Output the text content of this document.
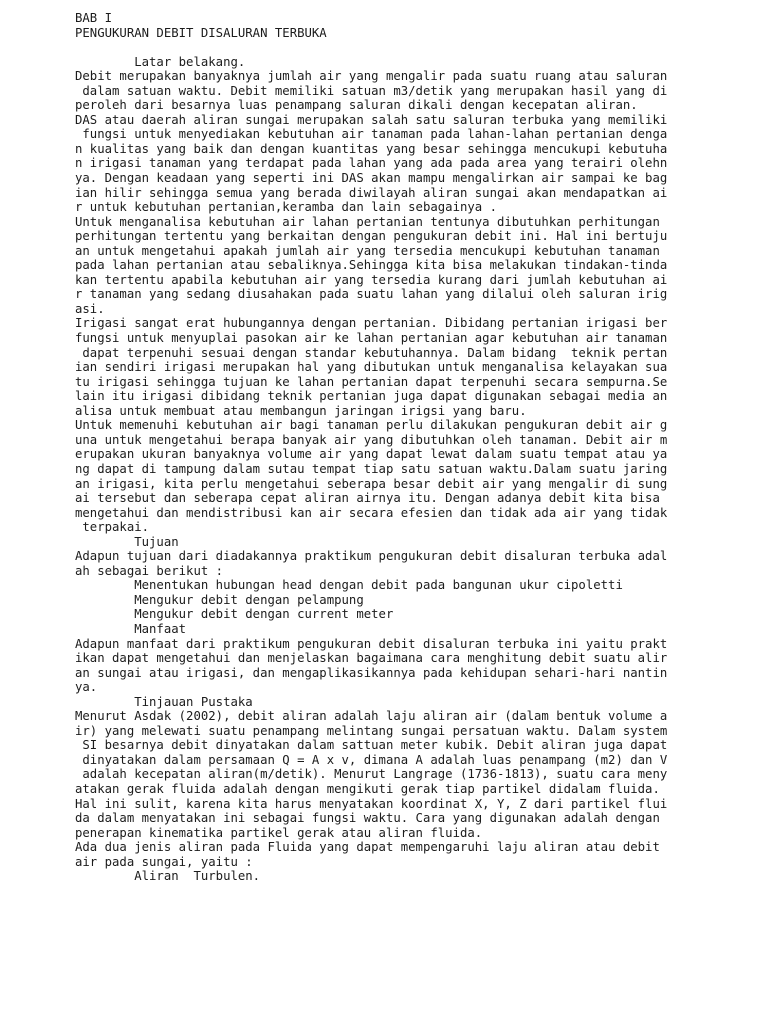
BAB I
PENGUKURAN DEBIT DISALURAN TERBUKA
Latar belakang.
Debit merupakan banyaknya jumlah air yang mengalir pada suatu ruang atau saluran
dalam satuan waktu. Debit memiliki satuan m3/detik yang merupakan hasil yang di
peroleh dari besarnya luas penampang saluran dikali dengan kecepatan aliran.
DAS atau daerah aliran sungai merupakan salah satu saluran terbuka yang memiliki
fungsi untuk menyediakan kebutuhan air tanaman pada lahan-lahan pertanian denga
n kualitas yang baik dan dengan kuantitas yang besar sehingga mencukupi kebutuha
n irigasi tanaman yang terdapat pada lahan yang ada pada area yang terairi olehn
ya. Dengan keadaan yang seperti ini DAS akan mampu mengalirkan air sampai ke bag
ian hilir sehingga semua yang berada diwilayah aliran sungai akan mendapatkan ai
r untuk kebutuhan pertanian,keramba dan lain sebagainya .
Untuk menganalisa kebutuhan air lahan pertanian tentunya dibutuhkan perhitungan
perhitungan tertentu yang berkaitan dengan pengukuran debit ini. Hal ini bertuju
an untuk mengetahui apakah jumlah air yang tersedia mencukupi kebutuhan tanaman
pada lahan pertanian atau sebaliknya.Sehingga kita bisa melakukan tindakan-tinda
kan tertentu apabila kebutuhan air yang tersedia kurang dari jumlah kebutuhan ai
r tanaman yang sedang diusahakan pada suatu lahan yang dilalui oleh saluran irig
asi.
Irigasi sangat erat hubungannya dengan pertanian. Dibidang pertanian irigasi ber
fungsi untuk menyuplai pasokan air ke lahan pertanian agar kebutuhan air tanaman
dapat terpenuhi sesuai dengan standar kebutuhannya. Dalam bidang  teknik pertan
ian sendiri irigasi merupakan hal yang dibutukan untuk menganalisa kelayakan sua
tu irigasi sehingga tujuan ke lahan pertanian dapat terpenuhi secara sempurna.Se
lain itu irigasi dibidang teknik pertanian juga dapat digunakan sebagai media an
alisa untuk membuat atau membangun jaringan irigsi yang baru.
Untuk memenuhi kebutuhan air bagi tanaman perlu dilakukan pengukuran debit air g
una untuk mengetahui berapa banyak air yang dibutuhkan oleh tanaman. Debit air m
erupakan ukuran banyaknya volume air yang dapat lewat dalam suatu tempat atau ya
ng dapat di tampung dalam sutau tempat tiap satu satuan waktu.Dalam suatu jaring
an irigasi, kita perlu mengetahui seberapa besar debit air yang mengalir di sung
ai tersebut dan seberapa cepat aliran airnya itu. Dengan adanya debit kita bisa
mengetahui dan mendistribusi kan air secara efesien dan tidak ada air yang tidak
terpakai.
Tujuan
Adapun tujuan dari diadakannya praktikum pengukuran debit disaluran terbuka adal
ah sebagai berikut :
Menentukan hubungan head dengan debit pada bangunan ukur cipoletti
Mengukur debit dengan pelampung
Mengukur debit dengan current meter
Manfaat
Adapun manfaat dari praktikum pengukuran debit disaluran terbuka ini yaitu prakt
ikan dapat mengetahui dan menjelaskan bagaimana cara menghitung debit suatu alir
an sungai atau irigasi, dan mengaplikasikannya pada kehidupan sehari-hari nantin
ya.
Tinjauan Pustaka
Menurut Asdak (2002), debit aliran adalah laju aliran air (dalam bentuk volume a
ir) yang melewati suatu penampang melintang sungai persatuan waktu. Dalam system
SI besarnya debit dinyatakan dalam sattuan meter kubik. Debit aliran juga dapat
dinyatakan dalam persamaan Q = A x v, dimana A adalah luas penampang (m2) dan V
adalah kecepatan aliran(m/detik). Menurut Langrage (1736-1813), suatu cara meny
atakan gerak fluida adalah dengan mengikuti gerak tiap partikel didalam fluida.
Hal ini sulit, karena kita harus menyatakan koordinat X, Y, Z dari partikel flui
da dalam menyatakan ini sebagai fungsi waktu. Cara yang digunakan adalah dengan
penerapan kinematika partikel gerak atau aliran fluida.
Ada dua jenis aliran pada Fluida yang dapat mempengaruhi laju aliran atau debit
air pada sungai, yaitu :
Aliran  Turbulen.
